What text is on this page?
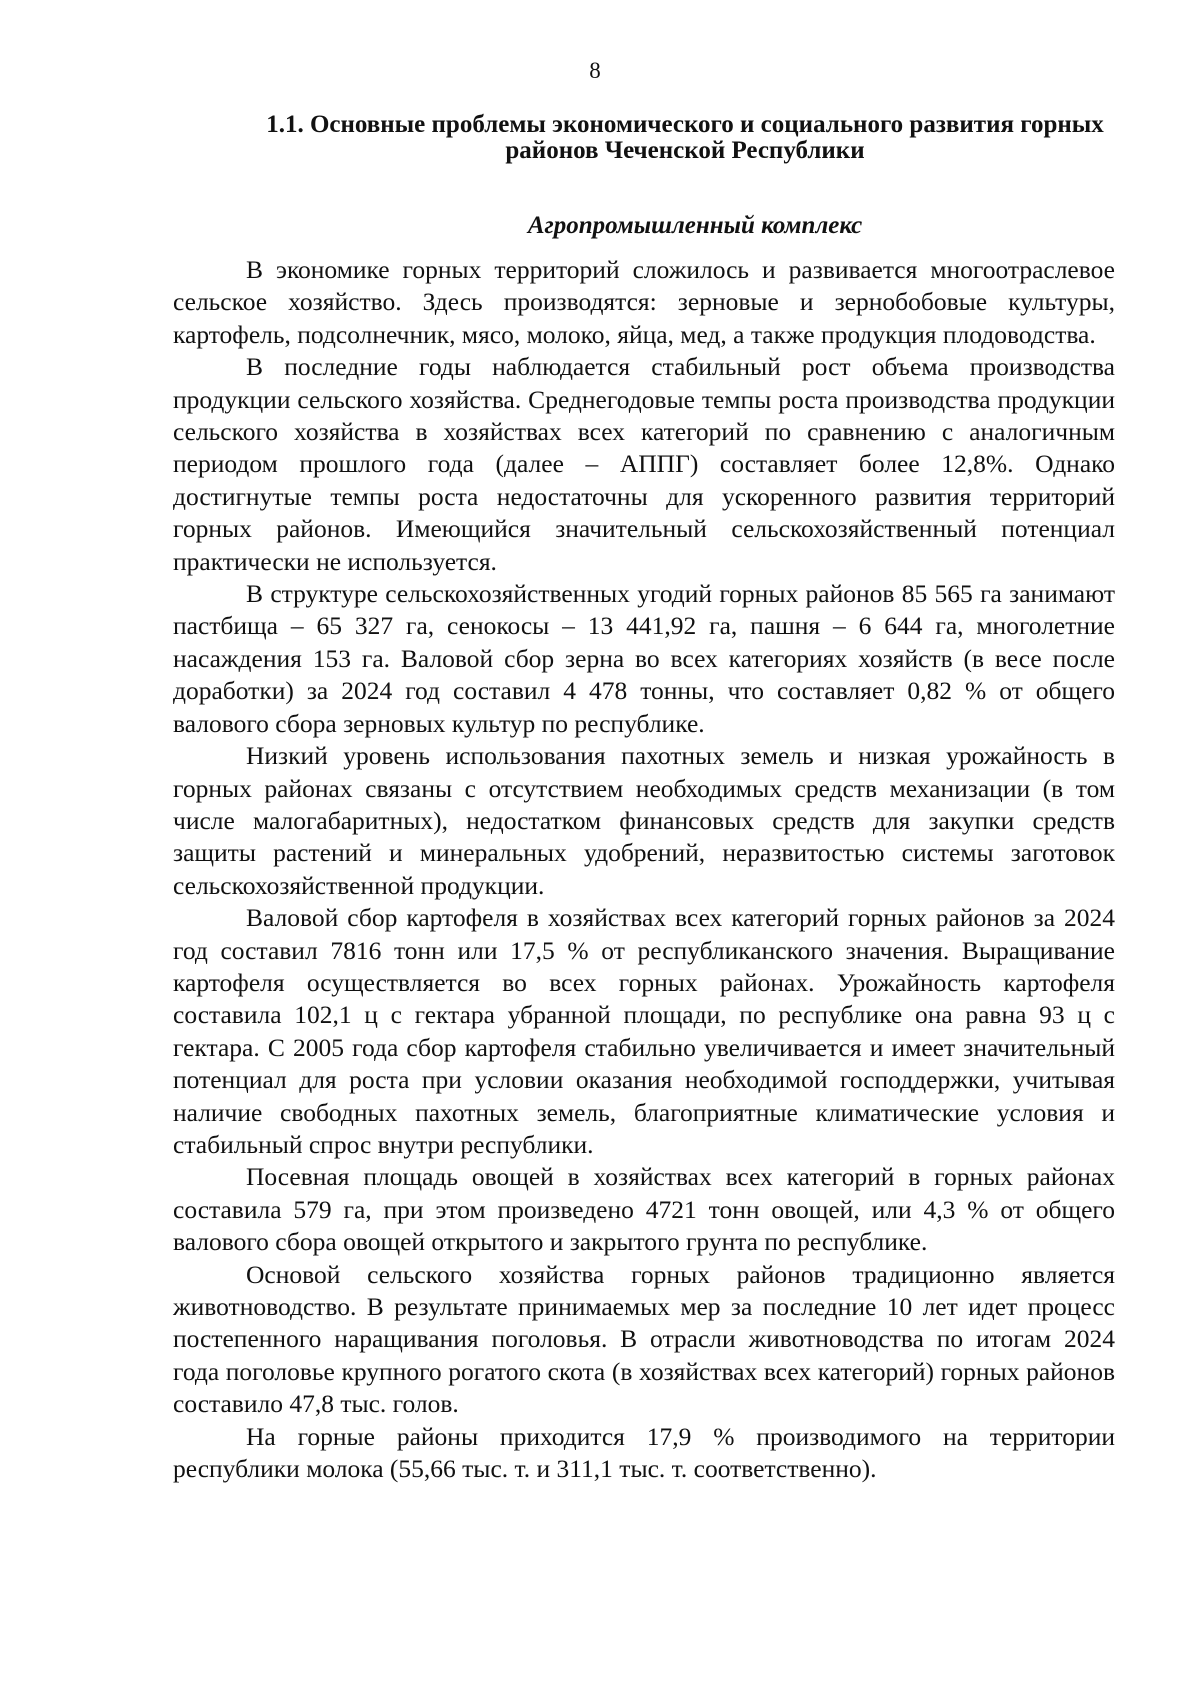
8
1.1. Основные проблемы экономического и социального развития горных районов Чеченской Республики
Агропромышленный комплекс

В экономике горных территорий сложилось и развивается многоотраслевое сельское хозяйство. Здесь производятся: зерновые и зернобобовые культуры, картофель, подсолнечник, мясо, молоко, яйца, мед, а также продукция плодоводства.

В последние годы наблюдается стабильный рост объема производства продукции сельского хозяйства. Среднегодовые темпы роста производства продукции сельского хозяйства в хозяйствах всех категорий по сравнению с аналогичным периодом прошлого года (далее – АППГ) составляет более 12,8%. Однако достигнутые темпы роста недостаточны для ускоренного развития территорий горных районов. Имеющийся значительный сельскохозяйственный потенциал практически не используется.

В структуре сельскохозяйственных угодий горных районов 85 565 га занимают пастбища – 65 327 га, сенокосы – 13 441,92 га, пашня – 6 644 га, многолетние насаждения 153 га. Валовой сбор зерна во всех категориях хозяйств (в весе после доработки) за 2024 год составил 4 478 тонны, что составляет 0,82 % от общего валового сбора зерновых культур по республике.

Низкий уровень использования пахотных земель и низкая урожайность в горных районах связаны с отсутствием необходимых средств механизации (в том числе малогабаритных), недостатком финансовых средств для закупки средств защиты растений и минеральных удобрений, неразвитостью системы заготовок сельскохозяйственной продукции.

Валовой сбор картофеля в хозяйствах всех категорий горных районов за 2024 год составил 7816 тонн или 17,5 % от республиканского значения. Выращивание картофеля осуществляется во всех горных районах. Урожайность картофеля составила 102,1 ц с гектара убранной площади, по республике она равна 93 ц с гектара. С 2005 года сбор картофеля стабильно увеличивается и имеет значительный потенциал для роста при условии оказания необходимой господдержки, учитывая наличие свободных пахотных земель, благоприятные климатические условия и стабильный спрос внутри республики.

Посевная площадь овощей в хозяйствах всех категорий в горных районах составила 579 га, при этом произведено 4721 тонн овощей, или 4,3 % от общего валового сбора овощей открытого и закрытого грунта по республике.

Основой сельского хозяйства горных районов традиционно является животноводство. В результате принимаемых мер за последние 10 лет идет процесс постепенного наращивания поголовья. В отрасли животноводства по итогам 2024 года поголовье крупного рогатого скота (в хозяйствах всех категорий) горных районов составило 47,8 тыс. голов.

На горные районы приходится 17,9 % производимого на территории республики молока (55,66 тыс. т. и 311,1 тыс. т. соответственно).
